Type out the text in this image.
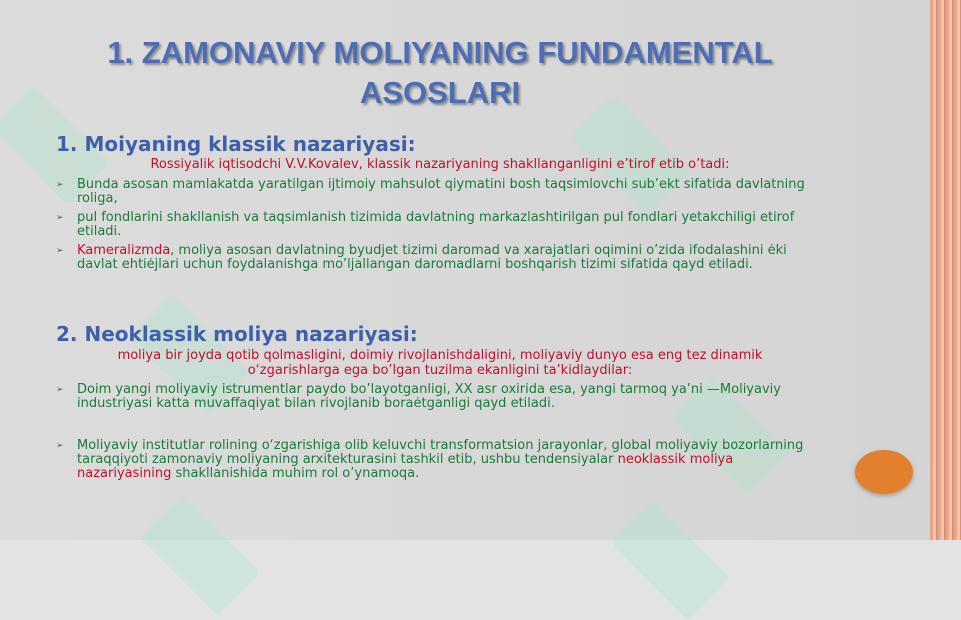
1. ZAMONAVIY MOLIYANING FUNDAMENTAL ASOSLARI
1. Moiyaning klassik nazariyasi:
Rossiyalik iqtisodchi V.V.Kovalev, klassik nazariyaning shakllanganligini e’tirof etib o’tadi:
➢	Bunda asosan mamlakatda yaratilgan ijtimoiy mahsulot qiymatini bosh taqsimlovchi sub’ekt sifatida davlatning roliga,
➢	pul fondlarini shakllanish va taqsimlanish tizimida davlatning markazlashtirilgan pul fondlari yetakchiligi etirof etiladi.
➢	Kameralizmda, moliya asosan davlatning byudjet tizimi daromad va xarajatlari oqimini o’zida ifodalashini ėki davlat ehtiėjlari uchun foydalanishga mo’ljallangan daromadlarni boshqarish tizimi sifatida qayd etiladi.
2. Neoklassik moliya nazariyasi:
moliya bir joyda qotib qolmasligini, doimiy rivojlanishdaligini, moliyaviy dunyo esa eng tez dinamik
o‘zgarishlarga ega bo’lgan tuzilma ekanligini ta’kidlaydilar:
➢	Doim yangi moliyaviy istrumentlar paydo bo’layotganligi, XX asr oxirida esa, yangi tarmoq ya’ni —Moliyaviy industriyasi katta muvaffaqiyat bilan rivojlanib boraėtganligi qayd etiladi.
➢	Moliyaviy institutlar rolining o‘zgarishiga olib keluvchi transformatsion jarayonlar, global moliyaviy bozorlarning taraqqiyoti zamonaviy moliyaning arxitekturasini tashkil etib, ushbu tendensiyalar neoklassik moliya nazariyasining shakllanishida muhim rol o’ynamoqa.
